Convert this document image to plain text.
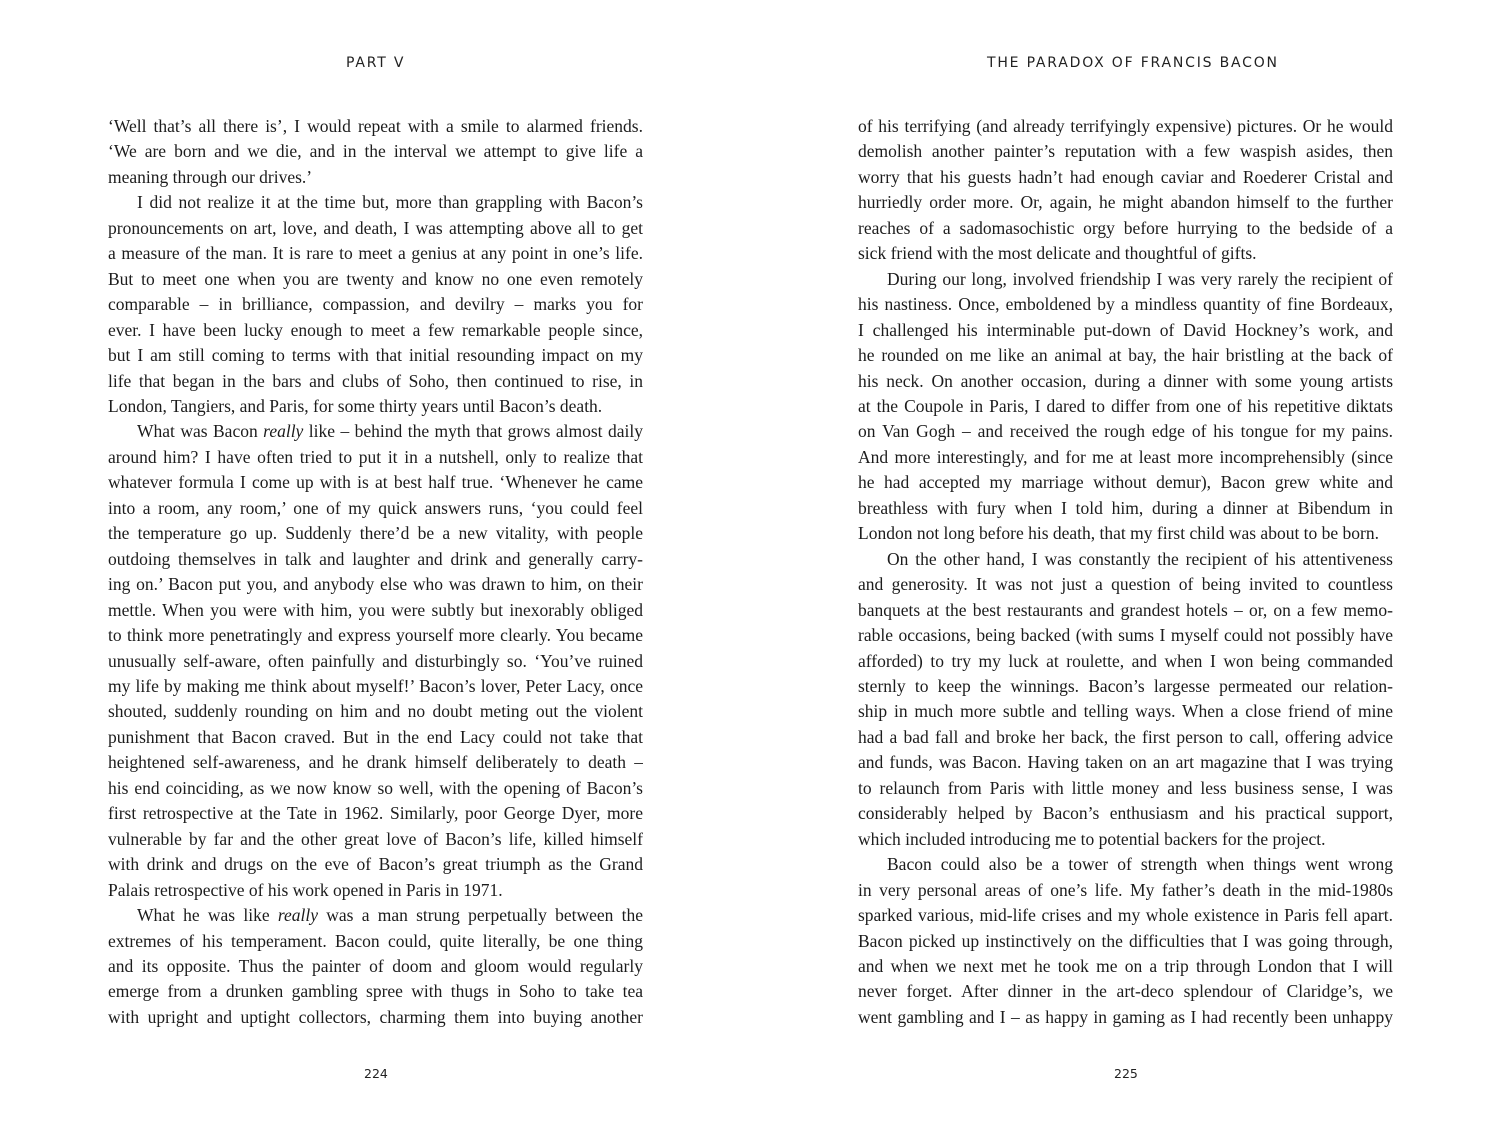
PART V
‘Well that’s all there is’, I would repeat with a smile to alarmed friends.
‘We are born and we die, and in the interval we attempt to give life a
meaning through our drives.’
I did not realize it at the time but, more than grappling with Bacon’s
pronouncements on art, love, and death, I was attempting above all to get
a measure of the man. It is rare to meet a genius at any point in one’s life.
But to meet one when you are twenty and know no one even remotely
comparable – in brilliance, compassion, and devilry – marks you for
ever. I have been lucky enough to meet a few remarkable people since,
but I am still coming to terms with that initial resounding impact on my
life that began in the bars and clubs of Soho, then continued to rise, in
London, Tangiers, and Paris, for some thirty years until Bacon’s death.
What was Bacon really like – behind the myth that grows almost daily
around him? I have often tried to put it in a nutshell, only to realize that
whatever formula I come up with is at best half true. ‘Whenever he came
into a room, any room,’ one of my quick answers runs, ‘you could feel
the temperature go up. Suddenly there’d be a new vitality, with people
outdoing themselves in talk and laughter and drink and generally carry-
ing on.’ Bacon put you, and anybody else who was drawn to him, on their
mettle. When you were with him, you were subtly but inexorably obliged
to think more penetratingly and express yourself more clearly. You became
unusually self-aware, often painfully and disturbingly so. ‘You’ve ruined
my life by making me think about myself!’ Bacon’s lover, Peter Lacy, once
shouted, suddenly rounding on him and no doubt meting out the violent
punishment that Bacon craved. But in the end Lacy could not take that
heightened self-awareness, and he drank himself deliberately to death –
his end coinciding, as we now know so well, with the opening of Bacon’s
first retrospective at the Tate in 1962. Similarly, poor George Dyer, more
vulnerable by far and the other great love of Bacon’s life, killed himself
with drink and drugs on the eve of Bacon’s great triumph as the Grand
Palais retrospective of his work opened in Paris in 1971.
What he was like really was a man strung perpetually between the
extremes of his temperament. Bacon could, quite literally, be one thing
and its opposite. Thus the painter of doom and gloom would regularly
emerge from a drunken gambling spree with thugs in Soho to take tea
with upright and uptight collectors, charming them into buying another
224
THE PARADOX OF FRANCIS BACON
of his terrifying (and already terrifyingly expensive) pictures. Or he would
demolish another painter’s reputation with a few waspish asides, then
worry that his guests hadn’t had enough caviar and Roederer Cristal and
hurriedly order more. Or, again, he might abandon himself to the further
reaches of a sadomasochistic orgy before hurrying to the bedside of a
sick friend with the most delicate and thoughtful of gifts.
During our long, involved friendship I was very rarely the recipient of
his nastiness. Once, emboldened by a mindless quantity of fine Bordeaux,
I challenged his interminable put-down of David Hockney’s work, and
he rounded on me like an animal at bay, the hair bristling at the back of
his neck. On another occasion, during a dinner with some young artists
at the Coupole in Paris, I dared to differ from one of his repetitive diktats
on Van Gogh – and received the rough edge of his tongue for my pains.
And more interestingly, and for me at least more incomprehensibly (since
he had accepted my marriage without demur), Bacon grew white and
breathless with fury when I told him, during a dinner at Bibendum in
London not long before his death, that my first child was about to be born.
On the other hand, I was constantly the recipient of his attentiveness
and generosity. It was not just a question of being invited to countless
banquets at the best restaurants and grandest hotels – or, on a few memo-
rable occasions, being backed (with sums I myself could not possibly have
afforded) to try my luck at roulette, and when I won being commanded
sternly to keep the winnings. Bacon’s largesse permeated our relation-
ship in much more subtle and telling ways. When a close friend of mine
had a bad fall and broke her back, the first person to call, offering advice
and funds, was Bacon. Having taken on an art magazine that I was trying
to relaunch from Paris with little money and less business sense, I was
considerably helped by Bacon’s enthusiasm and his practical support,
which included introducing me to potential backers for the project.
Bacon could also be a tower of strength when things went wrong
in very personal areas of one’s life. My father’s death in the mid-1980s
sparked various, mid-life crises and my whole existence in Paris fell apart.
Bacon picked up instinctively on the difficulties that I was going through,
and when we next met he took me on a trip through London that I will
never forget. After dinner in the art-deco splendour of Claridge’s, we
went gambling and I – as happy in gaming as I had recently been unhappy
225
